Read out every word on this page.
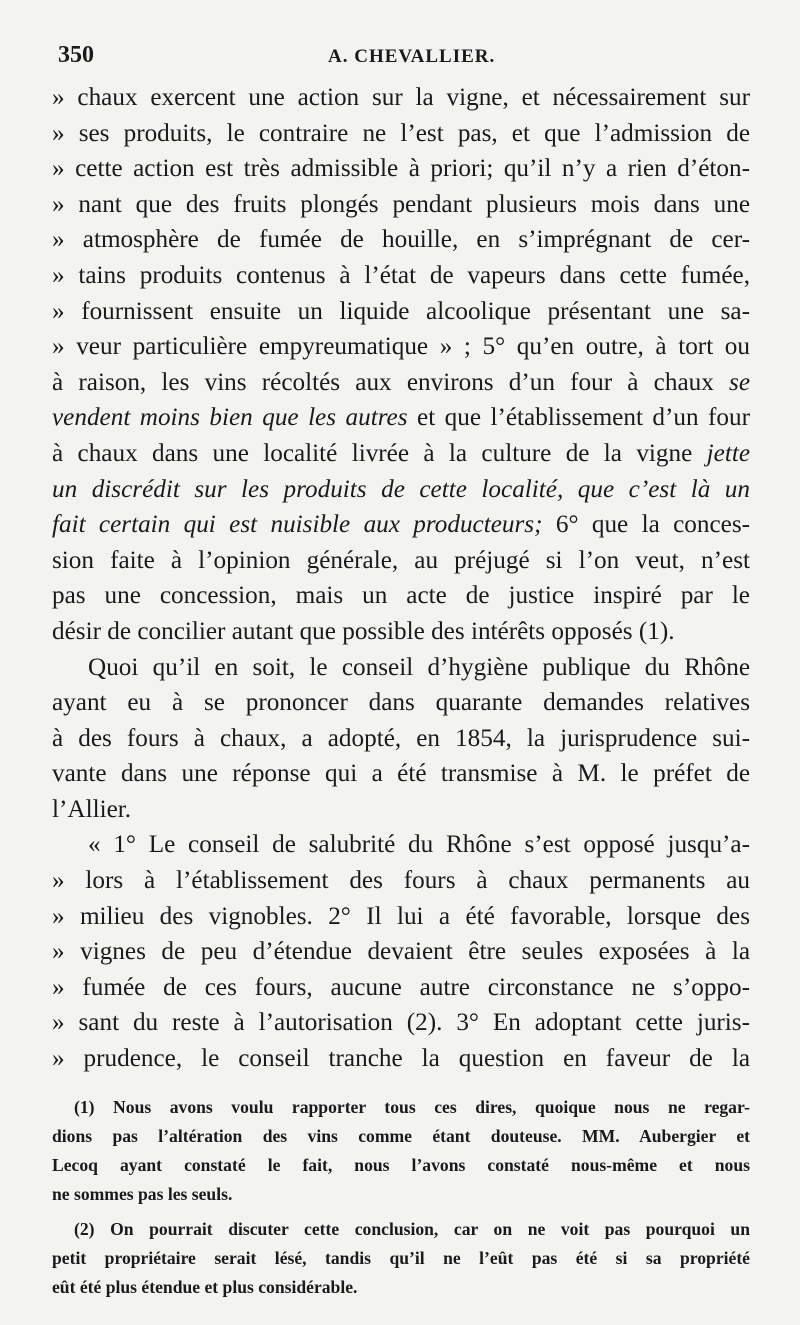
350	A. CHEVALLIER.
» chaux exercent une action sur la vigne, et nécessairement sur
» ses produits, le contraire ne l’est pas, et que l’admission de
» cette action est très admissible à priori; qu’il n’y a rien d’éton-
» nant que des fruits plongés pendant plusieurs mois dans une
» atmosphère de fumée de houille, en s’imprégnant de cer-
» tains produits contenus à l’état de vapeurs dans cette fumée,
» fournissent ensuite un liquide alcoolique présentant une sa-
» veur particulière empyreumatique » ; 5° qu’en outre, à tort ou
à raison, les vins récoltés aux environs d’un four à chaux se
vendent moins bien que les autres et que l’établissement d’un four
à chaux dans une localité livrée à la culture de la vigne jette
un discrédit sur les produits de cette localité, que c’est là un
fait certain qui est nuisible aux producteurs; 6° que la conces-
sion faite à l’opinion générale, au préjugé si l’on veut, n’est
pas une concession, mais un acte de justice inspiré par le
désir de concilier autant que possible des intérêts opposés (1).
Quoi qu’il en soit, le conseil d’hygiène publique du Rhône
ayant eu à se prononcer dans quarante demandes relatives
à des fours à chaux, a adopté, en 1854, la jurisprudence sui-
vante dans une réponse qui a été transmise à M. le préfet de
l’Allier.
« 1° Le conseil de salubrité du Rhône s’est opposé jusqu’a-
» lors à l’établissement des fours à chaux permanents au
» milieu des vignobles. 2° Il lui a été favorable, lorsque des
» vignes de peu d’étendue devaient être seules exposées à la
» fumée de ces fours, aucune autre circonstance ne s’oppo-
» sant du reste à l’autorisation (2). 3° En adoptant cette juris-
» prudence, le conseil tranche la question en faveur de la
(1) Nous avons voulu rapporter tous ces dires, quoique nous ne regar-
dions pas l’altération des vins comme étant douteuse. MM. Aubergier et
Lecoq ayant constaté le fait, nous l’avons constaté nous-même et nous
ne sommes pas les seuls.
(2) On pourrait discuter cette conclusion, car on ne voit pas pourquoi un
petit propriétaire serait lésé, tandis qu’il ne l’eût pas été si sa propriété
eût été plus étendue et plus considérable.
